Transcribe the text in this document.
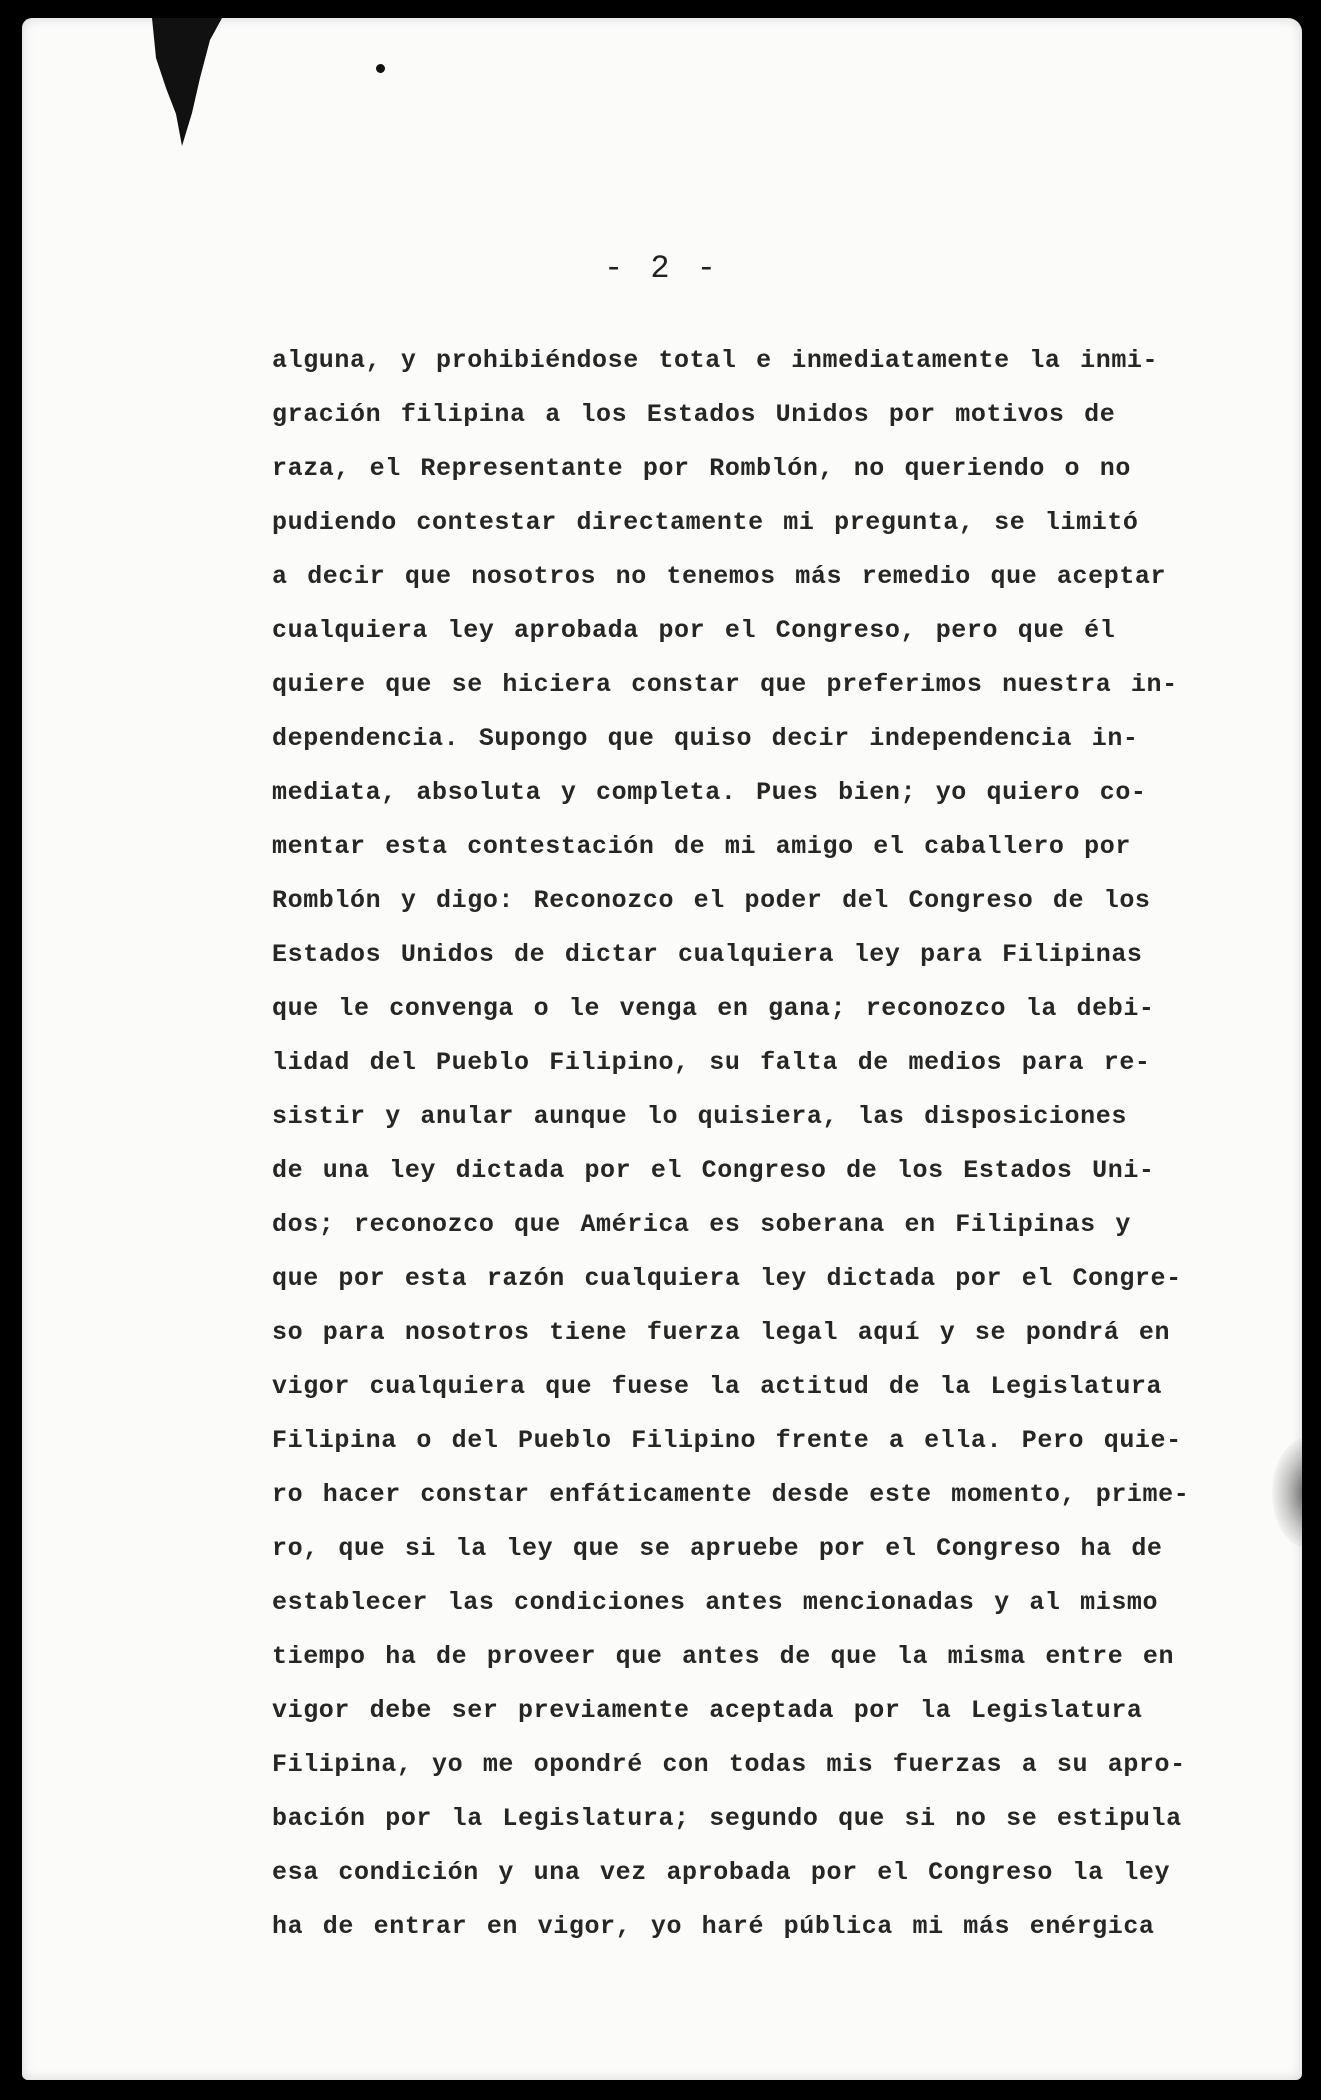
- 2 -
alguna, y prohibiéndose total e inmediatamente la inmi-
gración filipina a los Estados Unidos por motivos de
raza, el Representante por Romblón, no queriendo o no
pudiendo contestar directamente mi pregunta, se limitó
a decir que nosotros no tenemos más remedio que aceptar
cualquiera ley aprobada por el Congreso, pero que él
quiere que se hiciera constar que preferimos nuestra in-
dependencia. Supongo que quiso decir independencia in-
mediata, absoluta y completa. Pues bien; yo quiero co-
mentar esta contestación de mi amigo el caballero por
Romblón y digo: Reconozco el poder del Congreso de los
Estados Unidos de dictar cualquiera ley para Filipinas
que le convenga o le venga en gana; reconozco la debi-
lidad del Pueblo Filipino, su falta de medios para re-
sistir y anular aunque lo quisiera, las disposiciones
de una ley dictada por el Congreso de los Estados Uni-
dos; reconozco que América es soberana en Filipinas y
que por esta razón cualquiera ley dictada por el Congre-
so para nosotros tiene fuerza legal aquí y se pondrá en
vigor cualquiera que fuese la actitud de la Legislatura
Filipina o del Pueblo Filipino frente a ella. Pero quie-
ro hacer constar enfáticamente desde este momento, prime-
ro, que si la ley que se apruebe por el Congreso ha de
establecer las condiciones antes mencionadas y al mismo
tiempo ha de proveer que antes de que la misma entre en
vigor debe ser previamente aceptada por la Legislatura
Filipina, yo me opondré con todas mis fuerzas a su apro-
bación por la Legislatura; segundo que si no se estipula
esa condición y una vez aprobada por el Congreso la ley
ha de entrar en vigor, yo haré pública mi más enérgica
